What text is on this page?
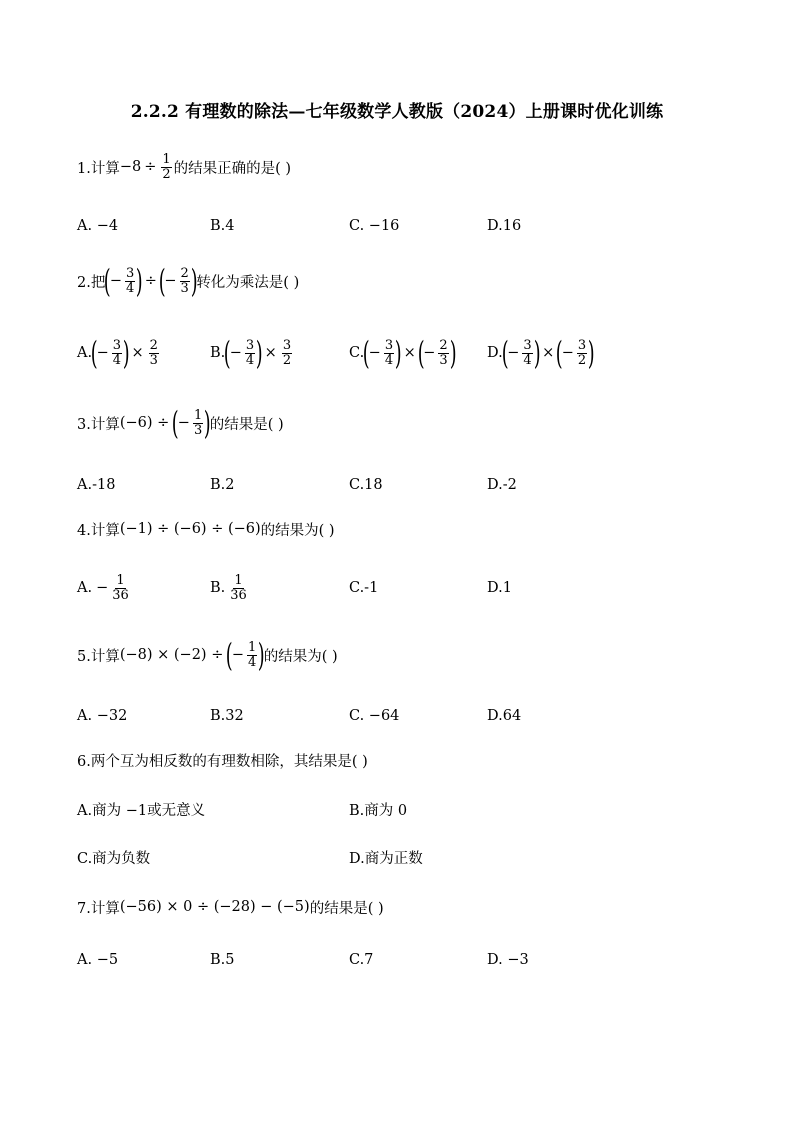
2.2.2 有理数的除法—七年级数学人教版（2024）上册课时优化训练
1.计算 $-8 \div \frac{1}{2}$ 的结果正确的是( )
A. −4	B.4	C. −16	D.16
2.把
(
− $\frac{3}{4}$ ) ÷ (
− $\frac{2}{3}$ )
转化为乘法是( )
A.
(
− $\frac{3}{4}$ ) × $\frac{2}{3}$	B.
(
− $\frac{3}{4}$ ) × $\frac{3}{2}$	C.
(
− $\frac{3}{4}$ ) × (
− $\frac{2}{3}$ ) D.
(
− $\frac{3}{4}$ ) × (
− $\frac{3}{2}$ )
3.计算 (−6) ÷ (
− $\frac{1}{3}$ )
的结果是( )
A.-18	B.2	C.18	D.-2
4.计算 (−1) ÷ (−6) ÷ (−6) 的结果为( )
A. − $\frac{1}{36}$	B. $\frac{1}{36}$	C.-1	D.1
5.计算 (−8) × (−2) ÷ (
− $\frac{1}{4}$ )
的结果为( )
A. −32	B.32	C. −64	D.64
6.两个互为相反数的有理数相除，其结果是( )
A.商为 −1或无意义	B.商为 0
C.商为负数	D.商为正数
7.计算 (−56) × 0 ÷ (−28) − (−5) 的结果是( )
A. −5	B.5	C.7	D. −3
